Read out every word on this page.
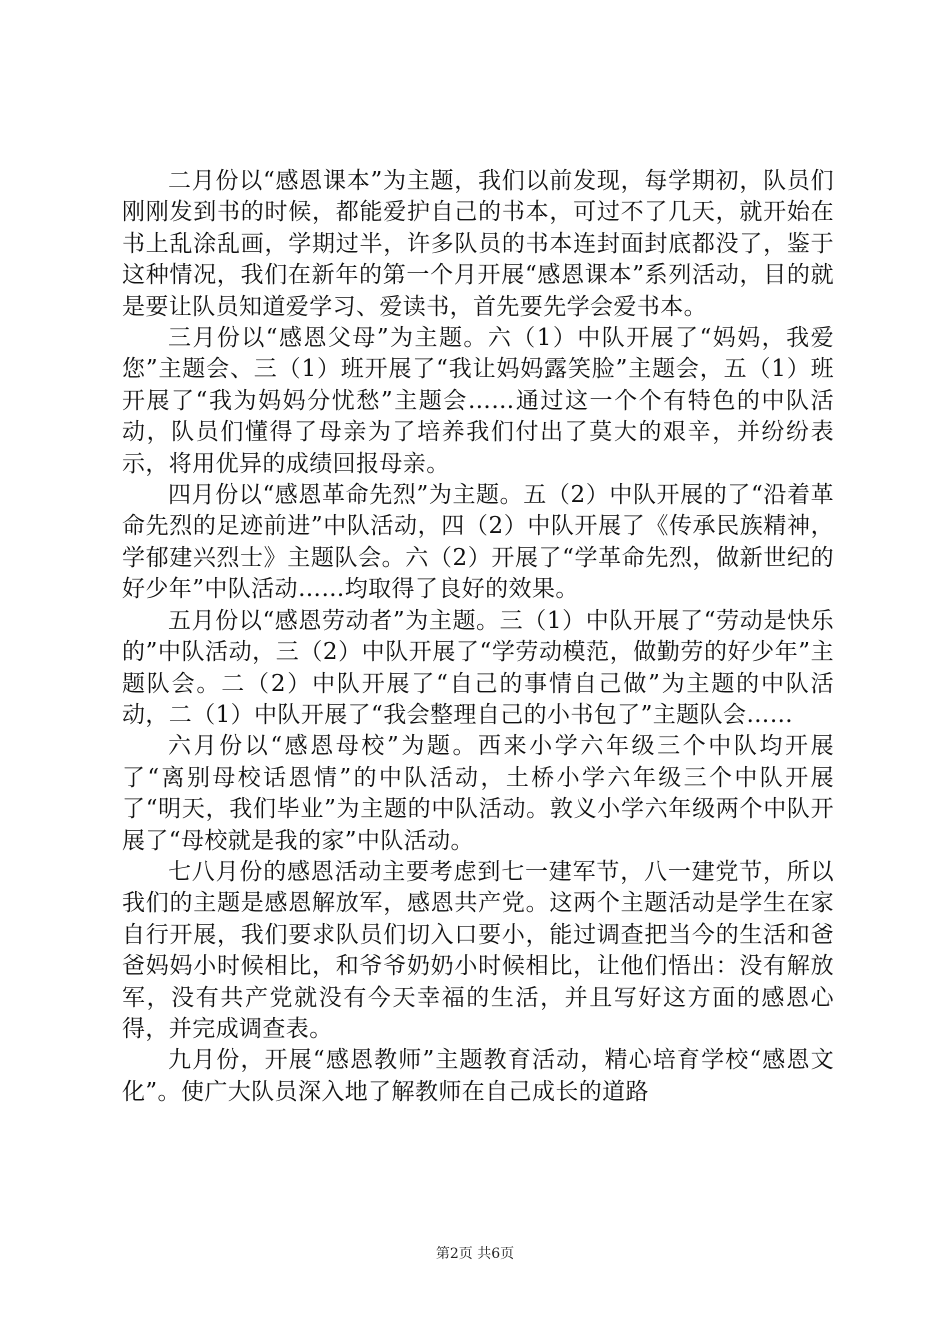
二月份以“感恩课本”为主题，我们以前发现，每学期初，队员们刚刚发到书的时候，都能爱护自己的书本，可过不了几天，就开始在书上乱涂乱画，学期过半，许多队员的书本连封面封底都没了，鉴于这种情况，我们在新年的第一个月开展“感恩课本”系列活动，目的就是要让队员知道爱学习、爱读书，首先要先学会爱书本。

三月份以“感恩父母”为主题。六（1）中队开展了“妈妈，我爱您”主题会、三（1）班开展了“我让妈妈露笑脸”主题会，五（1）班开展了“我为妈妈分忧愁”主题会……通过这一个个有特色的中队活动，队员们懂得了母亲为了培养我们付出了莫大的艰辛，并纷纷表示，将用优异的成绩回报母亲。

四月份以“感恩革命先烈”为主题。五（2）中队开展的了“沿着革命先烈的足迹前进”中队活动，四（2）中队开展了《传承民族精神，学郁建兴烈士》主题队会。六（2）开展了“学革命先烈，做新世纪的好少年”中队活动……均取得了良好的效果。

五月份以“感恩劳动者”为主题。三（1）中队开展了“劳动是快乐的”中队活动，三（2）中队开展了“学劳动模范，做勤劳的好少年”主题队会。二（2）中队开展了“自己的事情自己做”为主题的中队活动，二（1）中队开展了“我会整理自己的小书包了”主题队会……

六月份以“感恩母校”为题。西来小学六年级三个中队均开展了“离别母校话恩情”的中队活动，土桥小学六年级三个中队开展了“明天，我们毕业”为主题的中队活动。敦义小学六年级两个中队开展了“母校就是我的家”中队活动。

七八月份的感恩活动主要考虑到七一建军节，八一建党节，所以我们的主题是感恩解放军，感恩共产党。这两个主题活动是学生在家自行开展，我们要求队员们切入口要小，能过调查把当今的生活和爸爸妈妈小时候相比，和爷爷奶奶小时候相比，让他们悟出：没有解放军，没有共产党就没有今天幸福的生活，并且写好这方面的感恩心得，并完成调查表。

九月份，开展“感恩教师”主题教育活动，精心培育学校“感恩文化”。使广大队员深入地了解教师在自己成长的道路

第2页 共6页
